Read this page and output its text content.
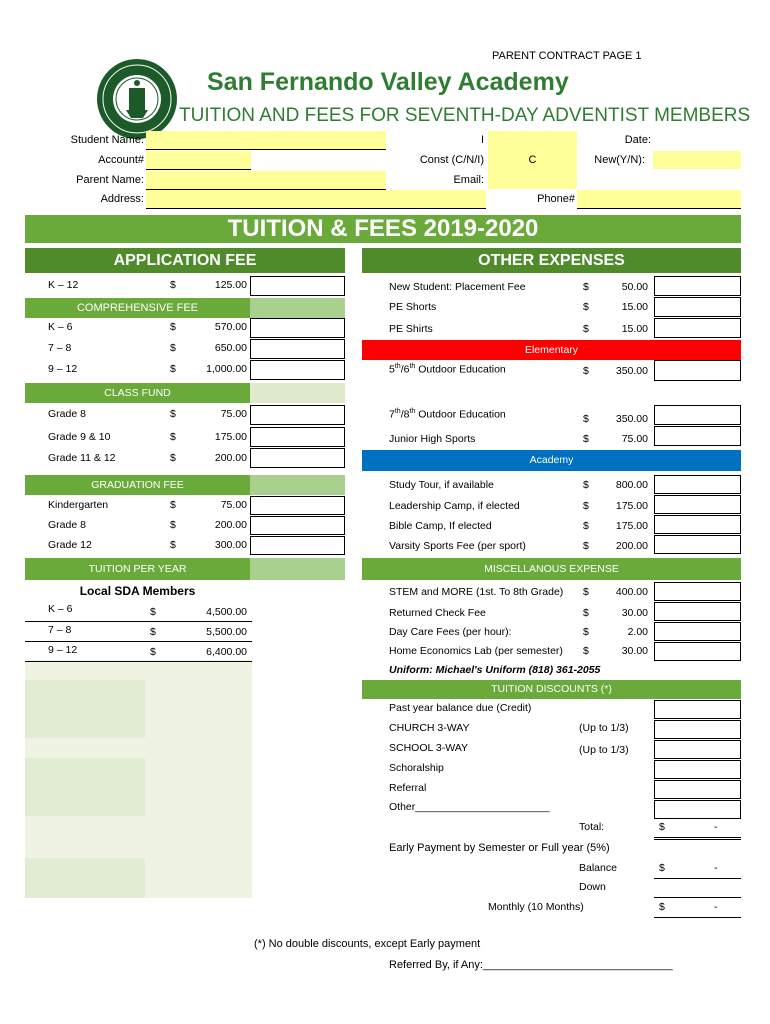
PARENT CONTRACT PAGE 1
San Fernando Valley Academy
TUITION AND FEES FOR SEVENTH-DAY ADVENTIST MEMBERS
Student Name:
Account#
Parent Name:
Address:
I
Const (C/N/I)	C
Email:
Date:
New(Y/N):
Phone#
TUITION & FEES 2019-2020
APPLICATION FEE
K – 12	$	125.00
COMPREHENSIVE FEE
K – 6	$	570.00
7 – 8	$	650.00
9 – 12	$	1,000.00
CLASS FUND
Grade 8	$	75.00
Grade 9 & 10	$	175.00
Grade 11 & 12	$	200.00
GRADUATION FEE
Kindergarten	$	75.00
Grade 8	$	200.00
Grade 12	$	300.00
TUITION PER YEAR
Local SDA Members
K – 6	$	4,500.00
7 – 8	$	5,500.00
9 – 12	$	6,400.00
OTHER EXPENSES
New Student: Placement Fee	$	50.00
PE Shorts	$	15.00
PE Shirts	$	15.00
Elementary
5th/6th Outdoor Education	$	350.00
7th/8th Outdoor Education	$	350.00
Junior High Sports	$	75.00
Academy
Study Tour, if available	$	800.00
Leadership Camp, if elected	$	175.00
Bible Camp, If elected	$	175.00
Varsity Sports Fee (per sport)	$	200.00
MISCELLANOUS EXPENSE
STEM and MORE (1st. To 8th Grade) $	400.00
Returned Check Fee	$	30.00
Day Care Fees (per hour):	$	2.00
Home Economics Lab (per semester) $	30.00
Uniform: Michael's Uniform (818) 361-2055
TUITION DISCOUNTS (*)
Past year balance due (Credit)
CHURCH 3-WAY	(Up to 1/3)
SCHOOL 3-WAY	(Up to 1/3)
Schoralship
Referral
Other_______________________
Total:	$	-
Early Payment by Semester or Full year (5%)
Balance	$	-
Down
Monthly (10 Months)	$	-
(*) No double discounts, except Early payment
Referred By, if Any:_______________________________
